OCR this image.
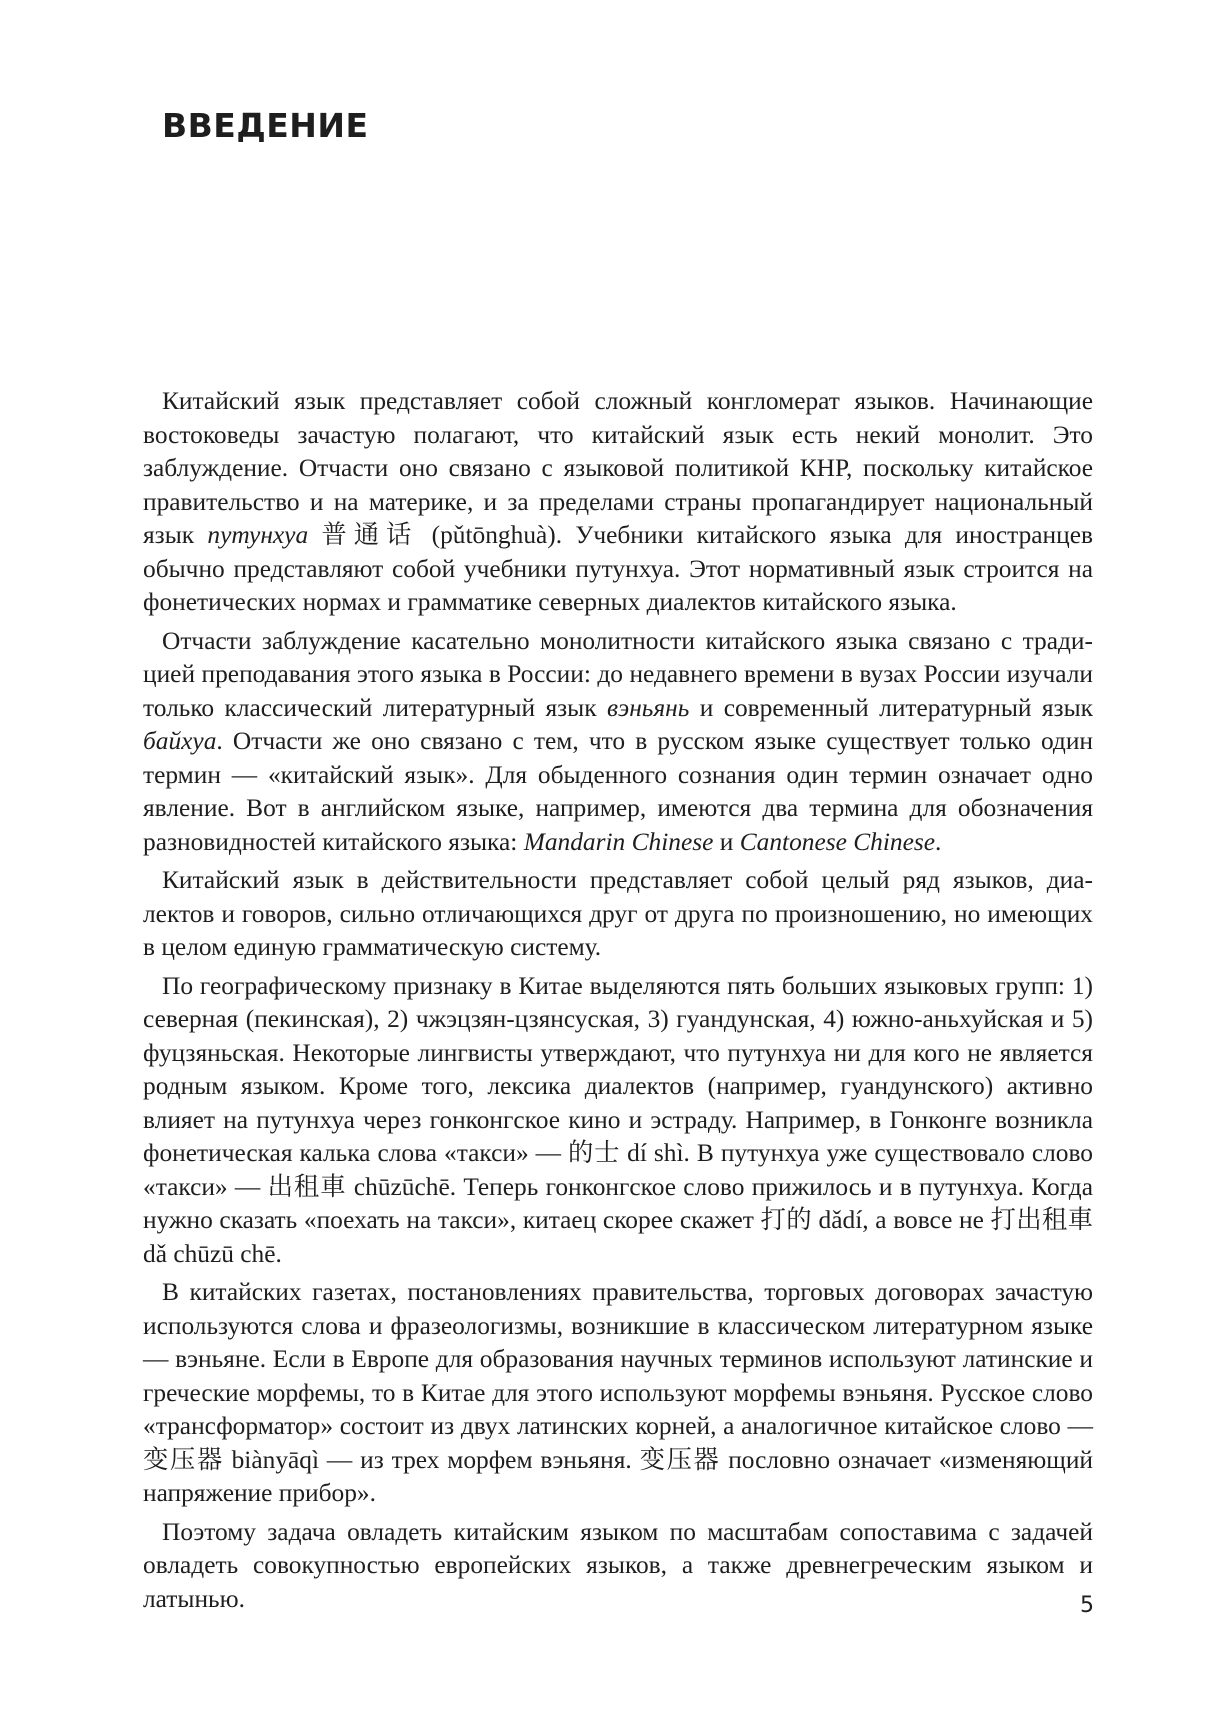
ВВЕДЕНИЕ

Китайский язык представляет собой сложный конгломерат языков. Начинающие востоковеды зачастую полагают, что китайский язык есть некий монолит. Это заблуждение. Отчасти оно связано с языковой политикой КНР, поскольку китайское правительство и на материке, и за пределами страны пропагандирует национальный язык путунхуа 普通话 (pǔtōnghuà). Учебники китайского языка для иностранцев обычно представляют собой учебники путунхуа. Этот нормативный язык строится на фонетических нормах и грамматике северных диалектов китайского языка.

Отчасти заблуждение касательно монолитности китайского языка связано с традицией преподавания этого языка в России: до недавнего времени в вузах России изучали только классический литературный язык вэньянь и современный литературный язык байхуа. Отчасти же оно связано с тем, что в русском языке существует только один термин — «китайский язык». Для обыденного сознания один термин означает одно явление. Вот в английском языке, например, имеются два термина для обозначения разновидностей китайского языка: Mandarin Chinese и Cantonese Chinese.

Китайский язык в действительности представляет собой целый ряд языков, диалектов и говоров, сильно отличающихся друг от друга по произношению, но имеющих в целом единую грамматическую систему.

По географическому признаку в Китае выделяются пять больших языковых групп: 1) северная (пекинская), 2) чжэцзян-цзянсуская, 3) гуандунская, 4) южно-аньхуйская и 5) фуцзяньская. Некоторые лингвисты утверждают, что путунхуа ни для кого не является родным языком. Кроме того, лексика диалектов (например, гуандунского) активно влияет на путунхуа через гонконгское кино и эстраду. Например, в Гонконге возникла фонетическая калька слова «такси» — 的士 dí shì. В путунхуа уже существовало слово «такси» — 出租車 chūzūchē. Теперь гонконгское слово прижилось и в путунхуа. Когда нужно сказать «поехать на такси», китаец скорее скажет 打的 dǎdí, а вовсе не 打出租車 dǎ chūzū chē.

В китайских газетах, постановлениях правительства, торговых договорах зачастую используются слова и фразеологизмы, возникшие в классическом литературном языке — вэньяне. Если в Европе для образования научных терминов используют латинские и греческие морфемы, то в Китае для этого используют морфемы вэньяня. Русское слово «трансформатор» состоит из двух латинских корней, а аналогичное китайское слово — 变压器 biànyāqì — из трех морфем вэньяня. 变压器 пословно означает «изменяющий напряжение прибор».

Поэтому задача овладеть китайским языком по масштабам сопоставима с задачей овладеть совокупностью европейских языков, а также древнегреческим языком и латынью.	5
